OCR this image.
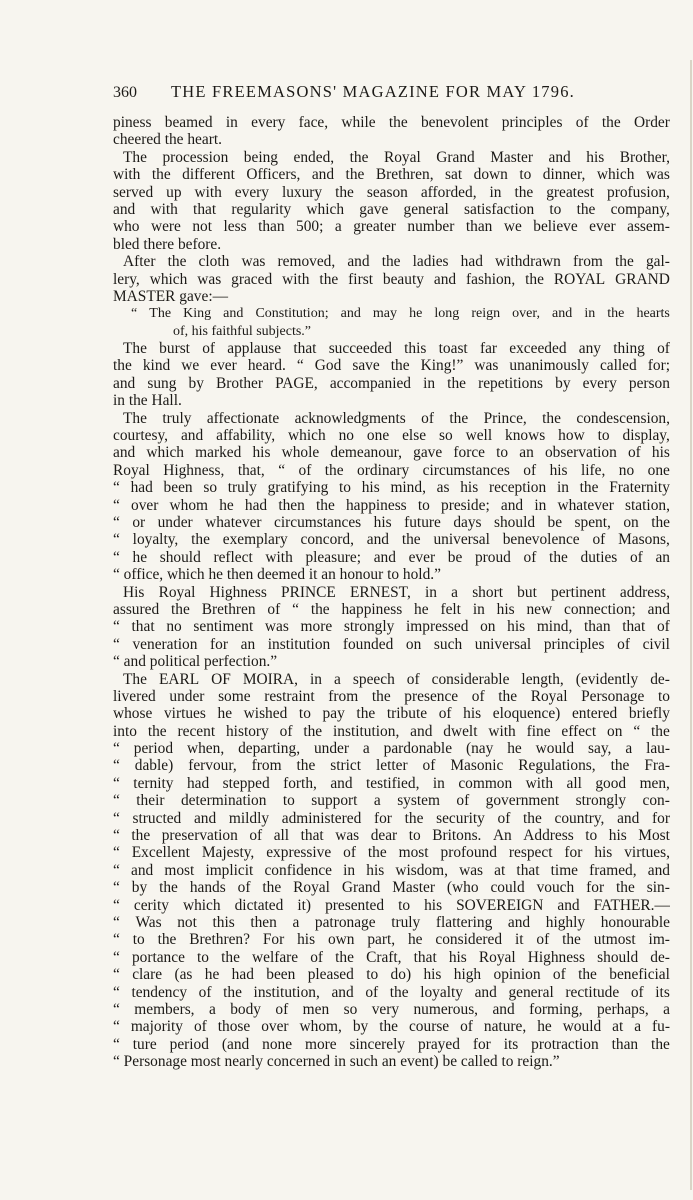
360	THE FREEMASONS' MAGAZINE FOR MAY 1796.
piness beamed in every face, while the benevolent principles of the Order
cheered the heart.
The procession being ended, the Royal Grand Master and his Brother,
with the different Officers, and the Brethren, sat down to dinner, which was
served up with every luxury the season afforded, in the greatest profusion,
and with that regularity which gave general satisfaction to the company,
who were not less than 500; a greater number than we believe ever assem-
bled there before.
After the cloth was removed, and the ladies had withdrawn from the gal-
lery, which was graced with the first beauty and fashion, the ROYAL GRAND
MASTER gave:—
“ The King and Constitution; and may he long reign over, and in the hearts
of, his faithful subjects.”
The burst of applause that succeeded this toast far exceeded any thing of
the kind we ever heard. “ God save the King!” was unanimously called for;
and sung by Brother PAGE, accompanied in the repetitions by every person
in the Hall.
The truly affectionate acknowledgments of the Prince, the condescension,
courtesy, and affability, which no one else so well knows how to display,
and which marked his whole demeanour, gave force to an observation of his
Royal Highness, that, “ of the ordinary circumstances of his life, no one
“ had been so truly gratifying to his mind, as his reception in the Fraternity
“ over whom he had then the happiness to preside; and in whatever station,
“ or under whatever circumstances his future days should be spent, on the
“ loyalty, the exemplary concord, and the universal benevolence of Masons,
“ he should reflect with pleasure; and ever be proud of the duties of an
“ office, which he then deemed it an honour to hold.”
His Royal Highness PRINCE ERNEST, in a short but pertinent address,
assured the Brethren of “ the happiness he felt in his new connection; and
“ that no sentiment was more strongly impressed on his mind, than that of
“ veneration for an institution founded on such universal principles of civil
“ and political perfection.”
The EARL OF MOIRA, in a speech of considerable length, (evidently de-
livered under some restraint from the presence of the Royal Personage to
whose virtues he wished to pay the tribute of his eloquence) entered briefly
into the recent history of the institution, and dwelt with fine effect on “ the
“ period when, departing, under a pardonable (nay he would say, a lau-
“ dable) fervour, from the strict letter of Masonic Regulations, the Fra-
“ ternity had stepped forth, and testified, in common with all good men,
“ their determination to support a system of government strongly con-
“ structed and mildly administered for the security of the country, and for
“ the preservation of all that was dear to Britons. An Address to his Most
“ Excellent Majesty, expressive of the most profound respect for his virtues,
“ and most implicit confidence in his wisdom, was at that time framed, and
“ by the hands of the Royal Grand Master (who could vouch for the sin-
“ cerity which dictated it) presented to his SOVEREIGN and FATHER.—
“ Was not this then a patronage truly flattering and highly honourable
“ to the Brethren? For his own part, he considered it of the utmost im-
“ portance to the welfare of the Craft, that his Royal Highness should de-
“ clare (as he had been pleased to do) his high opinion of the beneficial
“ tendency of the institution, and of the loyalty and general rectitude of its
“ members, a body of men so very numerous, and forming, perhaps, a
“ majority of those over whom, by the course of nature, he would at a fu-
“ ture period (and none more sincerely prayed for its protraction than the
“ Personage most nearly concerned in such an event) be called to reign.”
